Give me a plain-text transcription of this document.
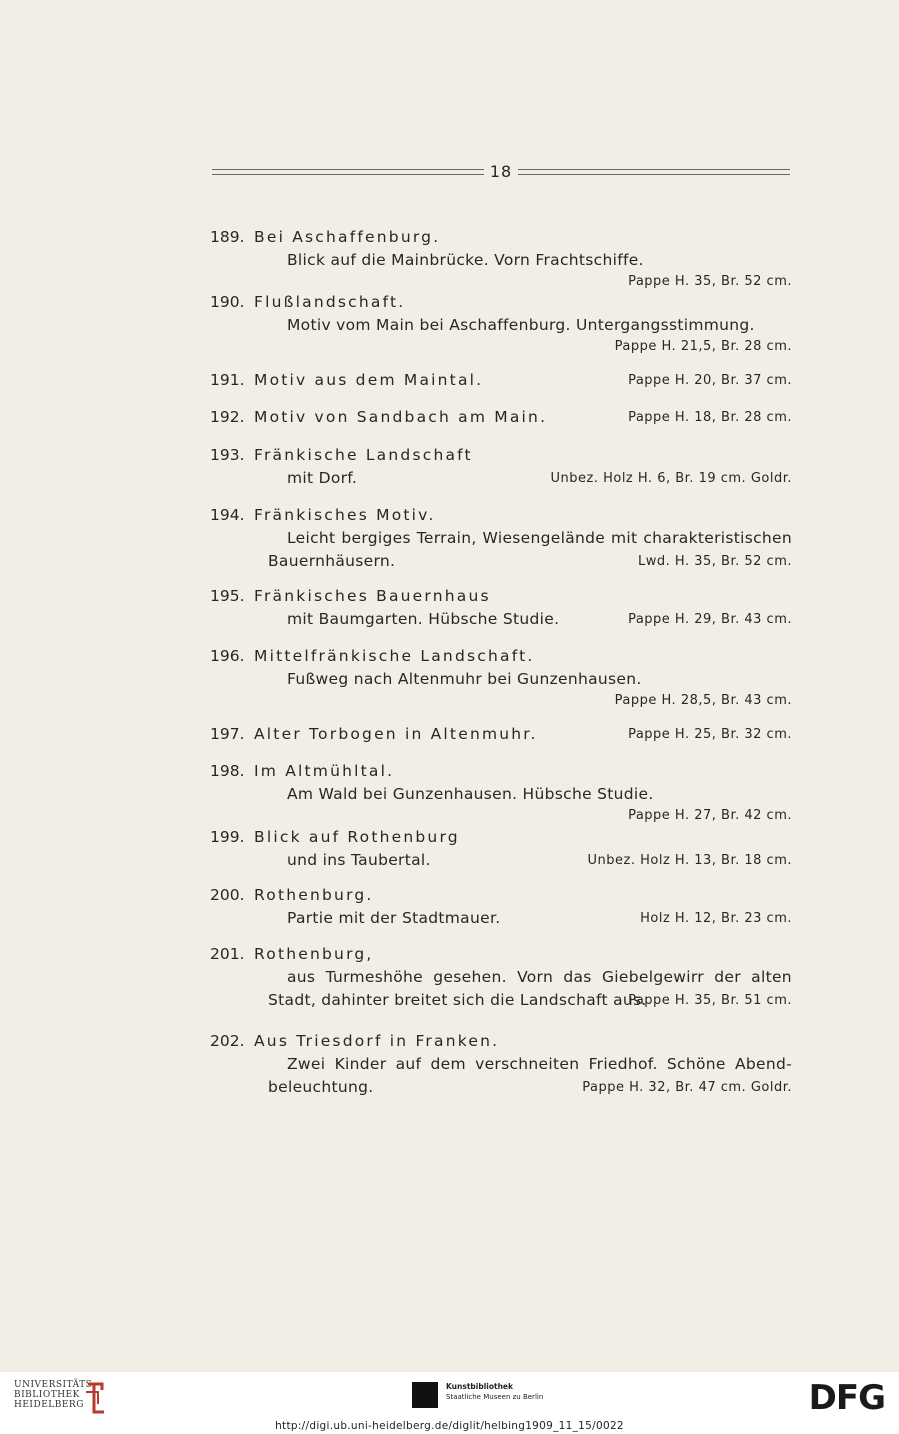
18
189. Bei Aschaffenburg.
Blick auf die Mainbrücke. Vorn Frachtschiffe.
Pappe H. 35, Br. 52 cm.
190. Flußlandschaft.
Motiv vom Main bei Aschaffenburg. Untergangsstimmung.
Pappe H. 21,5, Br. 28 cm.
191. Motiv aus dem Maintal.	Pappe H. 20, Br. 37 cm.
192. Motiv von Sandbach am Main.	Pappe H. 18, Br. 28 cm.
193. Fränkische Landschaft
mit Dorf.	Unbez. Holz H. 6, Br. 19 cm. Goldr.
194. Fränkisches Motiv.
Leicht bergiges Terrain, Wiesengelände mit charakteristischen
Bauernhäusern.	Lwd. H. 35, Br. 52 cm.
195. Fränkisches Bauernhaus
mit Baumgarten. Hübsche Studie.	Pappe H. 29, Br. 43 cm.
196. Mittelfränkische Landschaft.
Fußweg nach Altenmuhr bei Gunzenhausen.
Pappe H. 28,5, Br. 43 cm.
197. Alter Torbogen in Altenmuhr.	Pappe H. 25, Br. 32 cm.
198. Im Altmühltal.
Am Wald bei Gunzenhausen. Hübsche Studie.
Pappe H. 27, Br. 42 cm.
199. Blick auf Rothenburg
und ins Taubertal.	Unbez. Holz H. 13, Br. 18 cm.
200. Rothenburg.
Partie mit der Stadtmauer.	Holz H. 12, Br. 23 cm.
201. Rothenburg,
aus Turmeshöhe gesehen. Vorn das Giebelgewirr der alten
Stadt, dahinter breitet sich die Landschaft aus.
Pappe H. 35, Br. 51 cm.
202. Aus Triesdorf in Franken.
Zwei Kinder auf dem verschneiten Friedhof. Schöne Abend-
beleuchtung.	Pappe H. 32, Br. 47 cm. Goldr.
UNIVERSITÄTS-
BIBLIOTHEK
HEIDELBERG
Kunstbibliothek
Staatliche Museen zu Berlin	DFG
http://digi.ub.uni-heidelberg.de/diglit/helbing1909_11_15/0022
